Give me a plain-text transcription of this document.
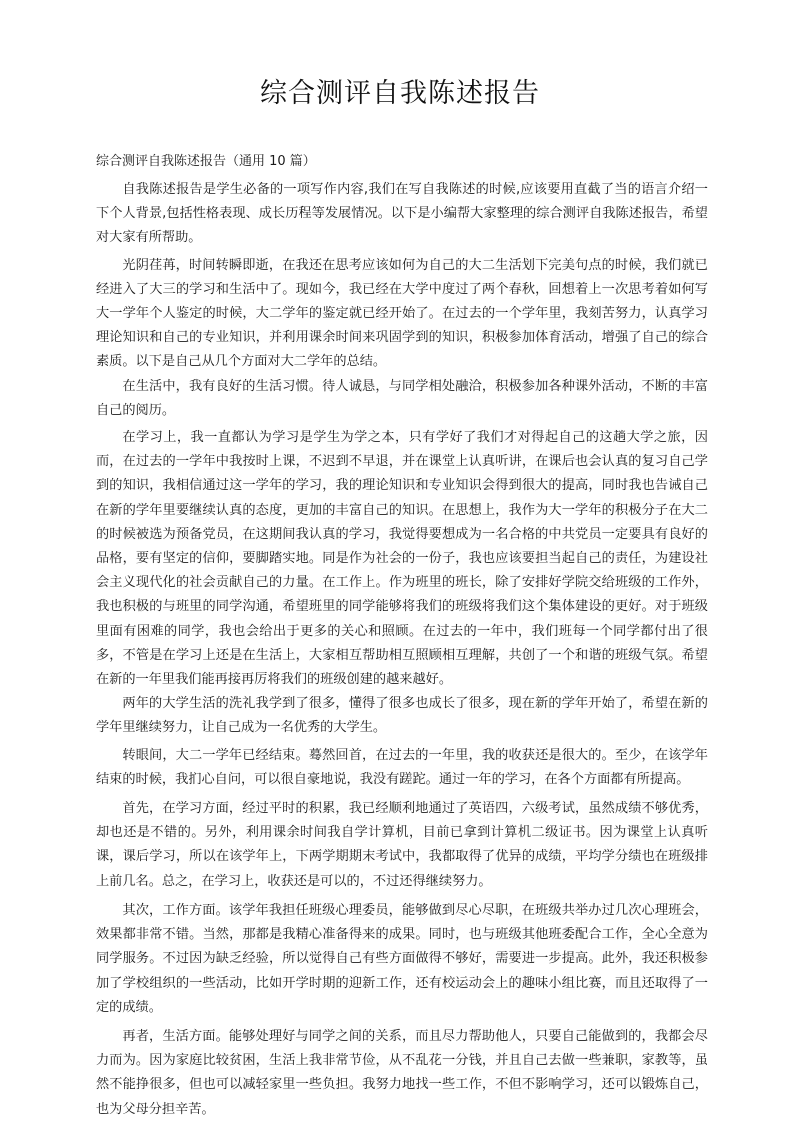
综合测评自我陈述报告

综合测评自我陈述报告（通用 10 篇）

自我陈述报告是学生必备的一项写作内容,我们在写自我陈述的时候,应该要用直截了当的语言介绍一下个人背景,包括性格表现、成长历程等发展情况。以下是小编帮大家整理的综合测评自我陈述报告，希望对大家有所帮助。

光阴荏苒，时间转瞬即逝，在我还在思考应该如何为自己的大二生活划下完美句点的时候，我们就已经进入了大三的学习和生活中了。现如今，我已经在大学中度过了两个春秋，回想着上一次思考着如何写大一学年个人鉴定的时候，大二学年的鉴定就已经开始了。在过去的一个学年里，我刻苦努力，认真学习理论知识和自己的专业知识，并利用课余时间来巩固学到的知识，积极参加体育活动，增强了自己的综合素质。以下是自己从几个方面对大二学年的总结。

在生活中，我有良好的生活习惯。待人诚恳，与同学相处融洽，积极参加各种课外活动，不断的丰富自己的阅历。

在学习上，我一直都认为学习是学生为学之本，只有学好了我们才对得起自己的这趟大学之旅，因而，在过去的一学年中我按时上课，不迟到不早退，并在课堂上认真听讲，在课后也会认真的复习自己学到的知识，我相信通过这一学年的学习，我的理论知识和专业知识会得到很大的提高，同时我也告诫自己在新的学年里要继续认真的态度，更加的丰富自己的知识。在思想上，我作为大一学年的积极分子在大二的时候被选为预备党员，在这期间我认真的学习，我觉得要想成为一名合格的中共党员一定要具有良好的品格，要有坚定的信仰，要脚踏实地。同是作为社会的一份子，我也应该要担当起自己的责任，为建设社会主义现代化的社会贡献自己的力量。在工作上。作为班里的班长，除了安排好学院交给班级的工作外，我也积极的与班里的同学沟通，希望班里的同学能够将我们的班级将我们这个集体建设的更好。对于班级里面有困难的同学，我也会给出于更多的关心和照顾。在过去的一年中，我们班每一个同学都付出了很多，不管是在学习上还是在生活上，大家相互帮助相互照顾相互理解，共创了一个和谐的班级气氛。希望在新的一年里我们能再接再厉将我们的班级创建的越来越好。

两年的大学生活的洗礼我学到了很多，懂得了很多也成长了很多，现在新的学年开始了，希望在新的学年里继续努力，让自己成为一名优秀的大学生。

转眼间，大二一学年已经结束。蓦然回首，在过去的一年里，我的收获还是很大的。至少，在该学年结束的时候，我扪心自问，可以很自豪地说，我没有蹉跎。通过一年的学习，在各个方面都有所提高。

首先，在学习方面，经过平时的积累，我已经顺利地通过了英语四，六级考试，虽然成绩不够优秀，却也还是不错的。另外，利用课余时间我自学计算机，目前已拿到计算机二级证书。因为课堂上认真听课，课后学习，所以在该学年上，下两学期期末考试中，我都取得了优异的成绩，平均学分绩也在班级排上前几名。总之，在学习上，收获还是可以的，不过还得继续努力。

其次，工作方面。该学年我担任班级心理委员，能够做到尽心尽职，在班级共举办过几次心理班会，效果都非常不错。当然，那都是我精心准备得来的成果。同时，也与班级其他班委配合工作，全心全意为同学服务。不过因为缺乏经验，所以觉得自己有些方面做得不够好，需要进一步提高。此外，我还积极参加了学校组织的一些活动，比如开学时期的迎新工作，还有校运动会上的趣味小组比赛，而且还取得了一定的成绩。

再者，生活方面。能够处理好与同学之间的关系，而且尽力帮助他人，只要自己能做到的，我都会尽力而为。因为家庭比较贫困，生活上我非常节俭，从不乱花一分钱，并且自己去做一些兼职，家教等，虽然不能挣很多，但也可以减轻家里一些负担。我努力地找一些工作，不但不影响学习，还可以锻炼自己，也为父母分担辛苦。
